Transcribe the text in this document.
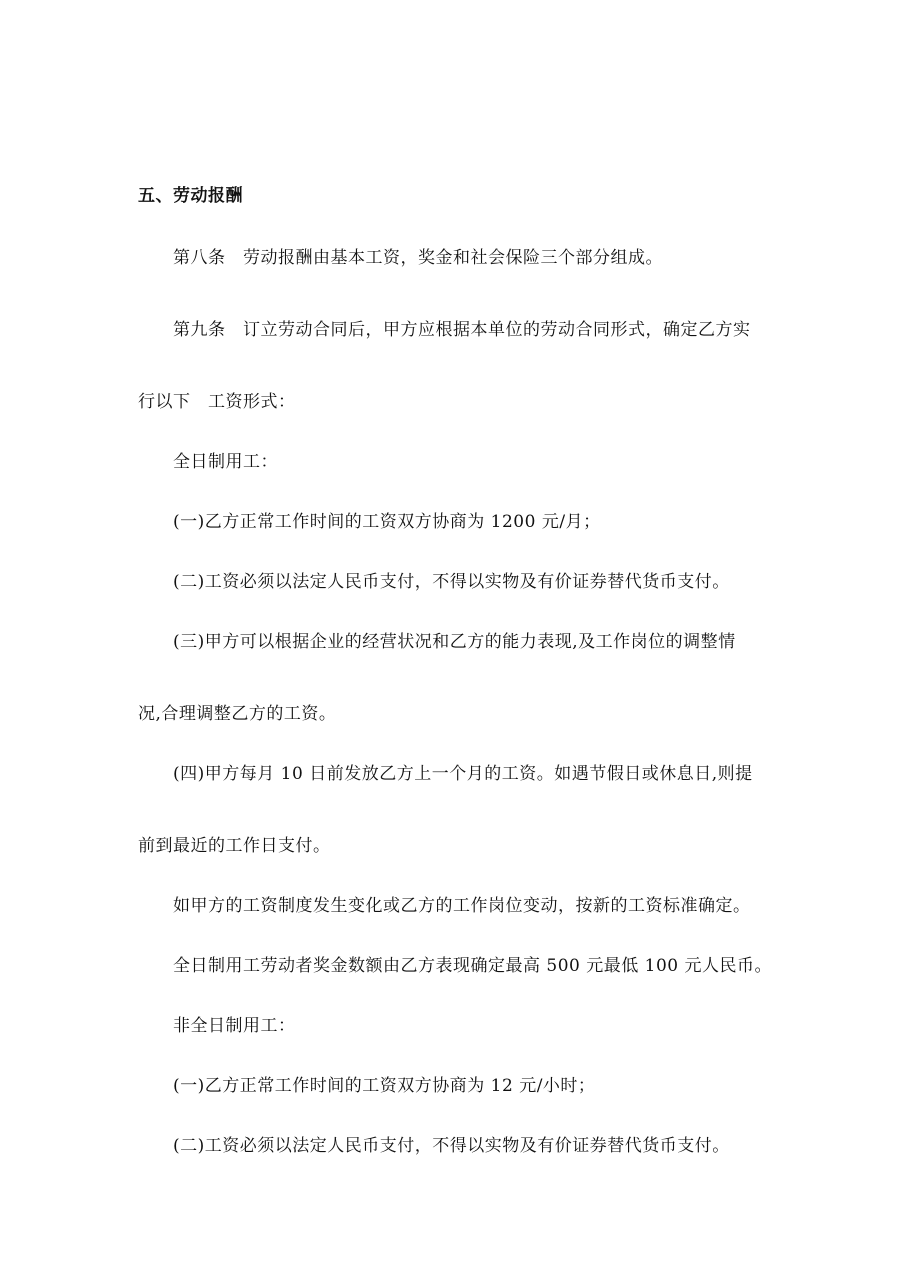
五、劳动报酬
第八条　劳动报酬由基本工资，奖金和社会保险三个部分组成。
第九条　订立劳动合同后，甲方应根据本单位的劳动合同形式，确定乙方实
行以下　工资形式：
全日制用工：
(一)乙方正常工作时间的工资双方协商为 1200 元/月；
(二)工资必须以法定人民币支付，不得以实物及有价证券替代货币支付。
(三)甲方可以根据企业的经营状况和乙方的能力表现,及工作岗位的调整情
况,合理调整乙方的工资。
(四)甲方每月 10 日前发放乙方上一个月的工资。如遇节假日或休息日,则提
前到最近的工作日支付。
如甲方的工资制度发生变化或乙方的工作岗位变动，按新的工资标准确定。
全日制用工劳动者奖金数额由乙方表现确定最高 500 元最低 100 元人民币。
非全日制用工：
(一)乙方正常工作时间的工资双方协商为 12 元/小时；
(二)工资必须以法定人民币支付，不得以实物及有价证券替代货币支付。
